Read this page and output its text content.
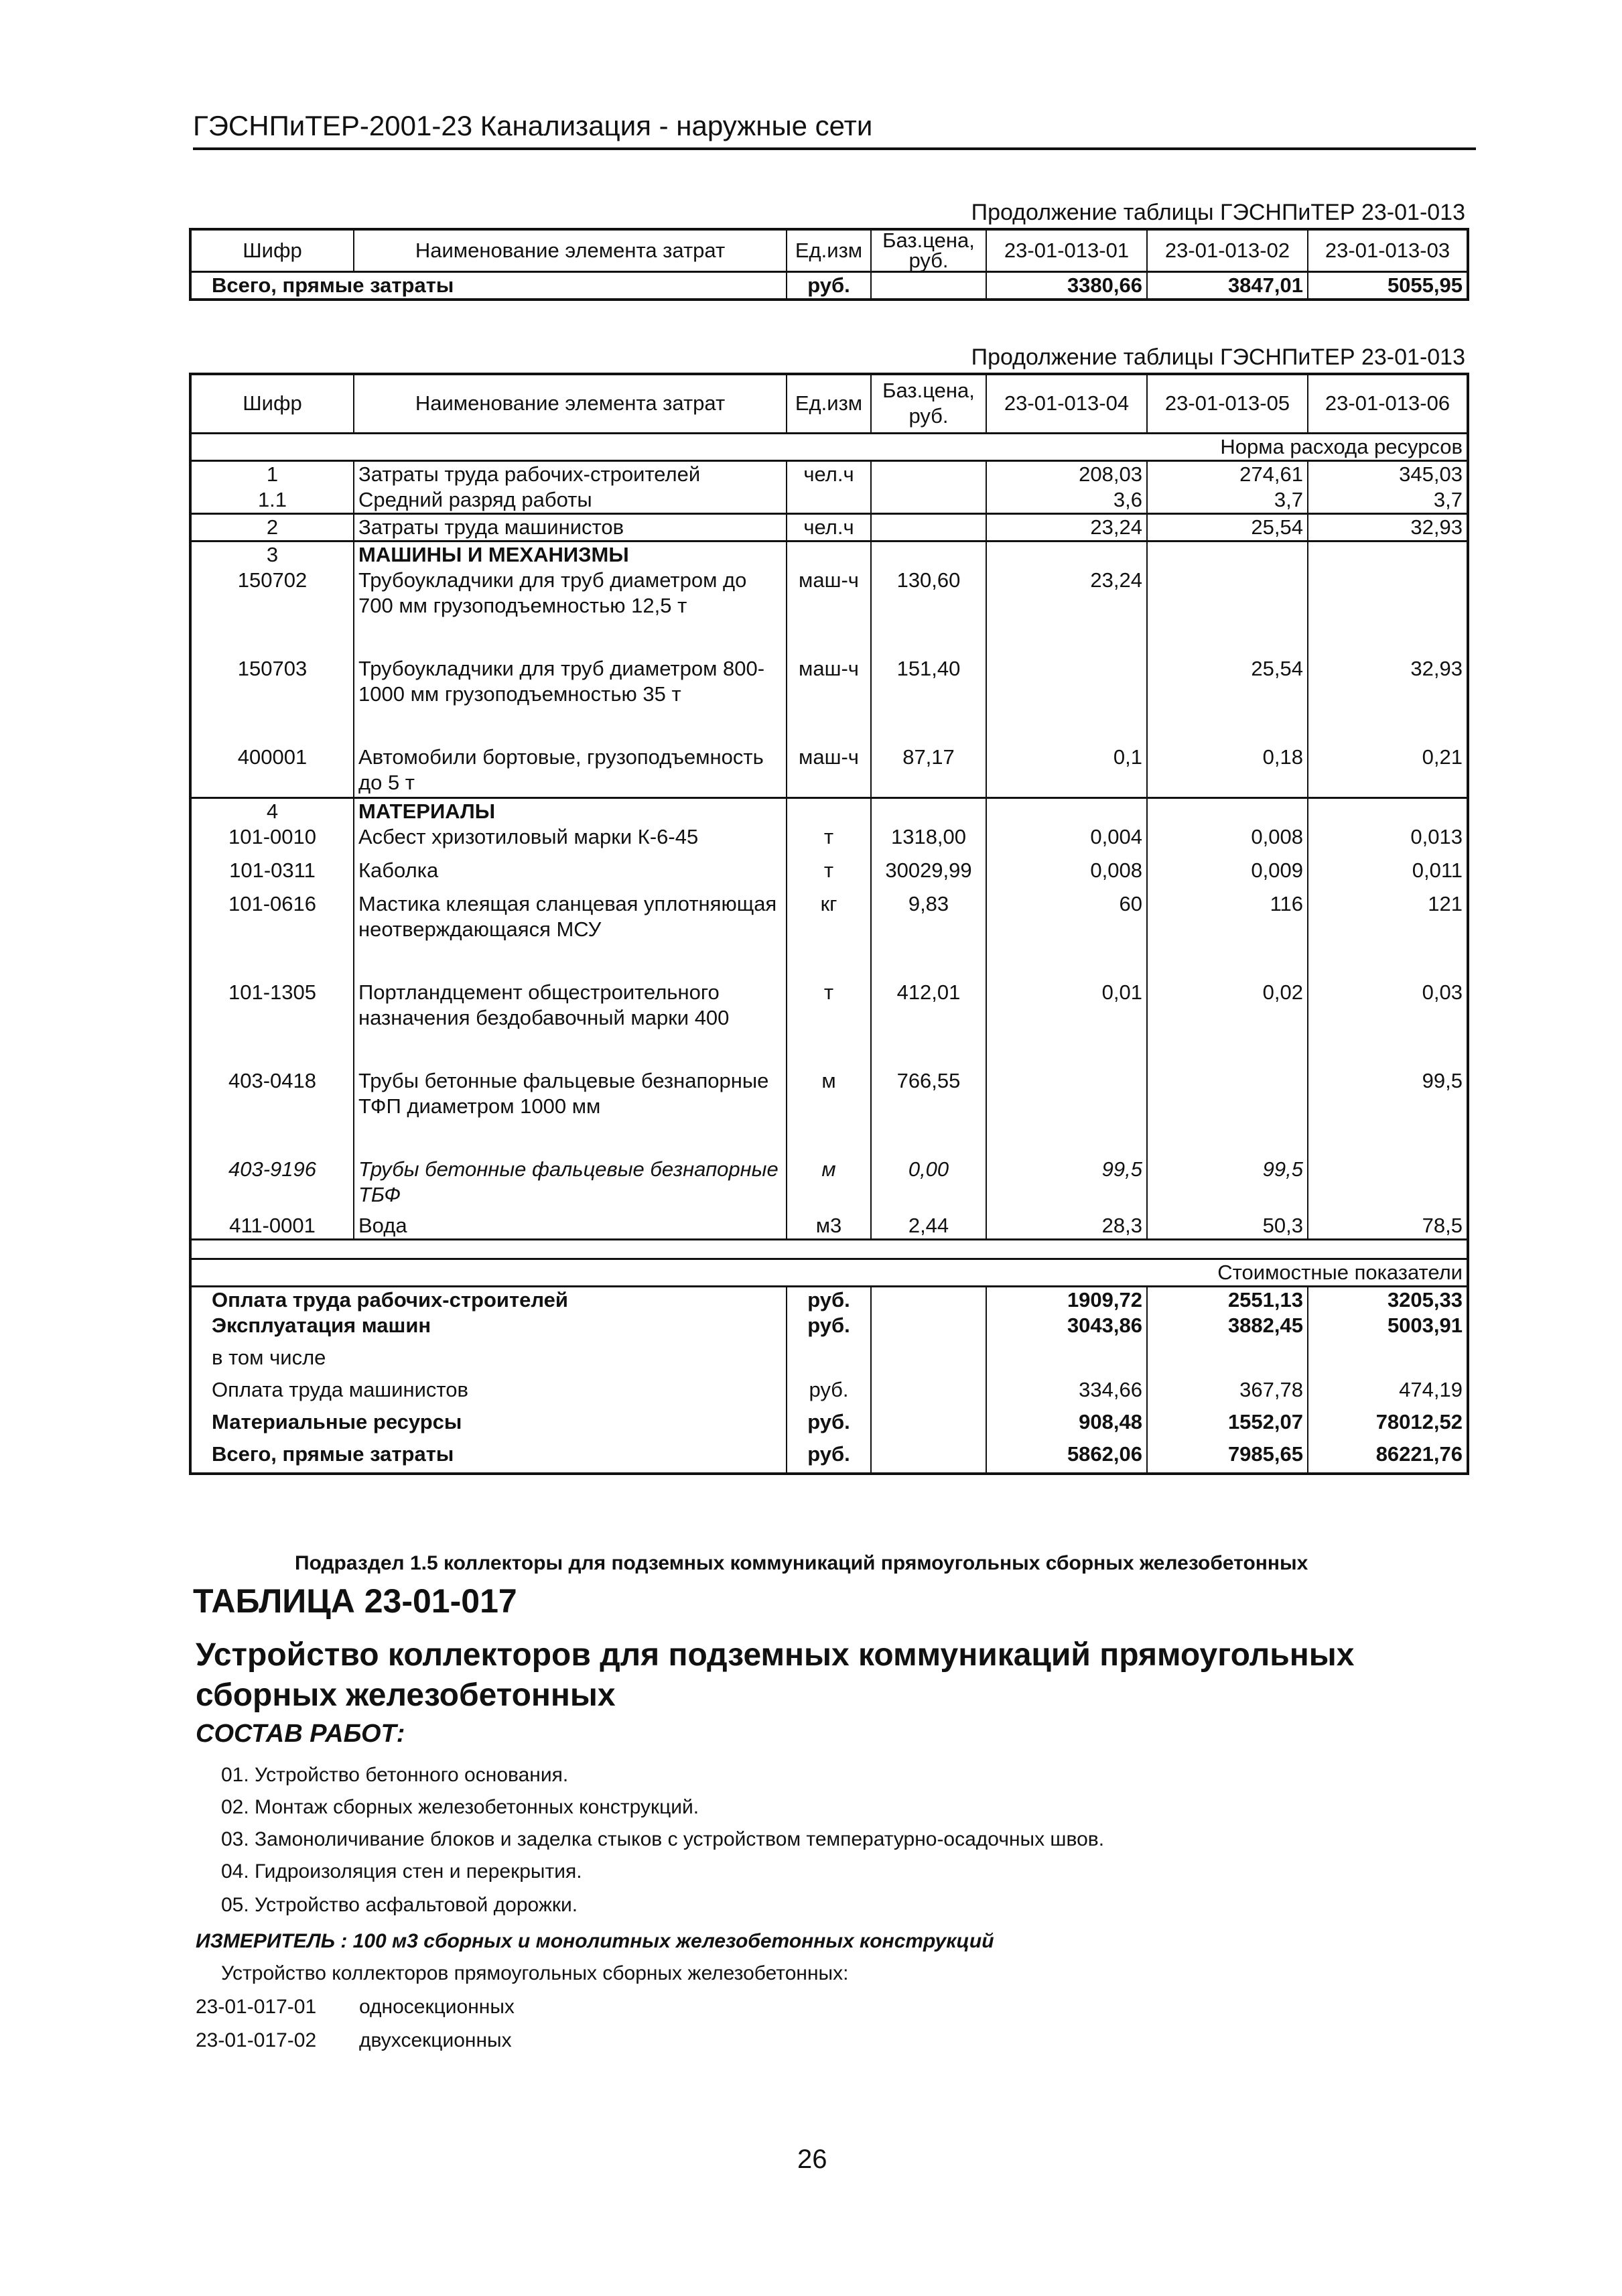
ГЭСНПиТЕР-2001-23 Канализация - наружные сети
Продолжение таблицы ГЭСНПиТЕР 23-01-013
Шифр	Наименование элемента затрат	Ед.изм	Баз.цена, руб.	23-01-013-01	23-01-013-02	23-01-013-03
Всего, прямые затраты		руб.		3380,66	3847,01	5055,95
Продолжение таблицы ГЭСНПиТЕР 23-01-013
Шифр	Наименование элемента затрат	Ед.изм	Баз.цена, руб.	23-01-013-04	23-01-013-05	23-01-013-06
Норма расхода ресурсов						
1	Затраты труда рабочих-строителей	чел.ч		208,03	274,61	345,03
1.1	Средний разряд работы			3,6	3,7	3,7
2	Затраты труда машинистов	чел.ч		23,24	25,54	32,93
3	МАШИНЫ И МЕХАНИЗМЫ					
150702	Трубоукладчики для труб диаметром до 700 мм грузоподъемностью 12,5 т	маш-ч	130,60	23,24		
150703	Трубоукладчики для труб диаметром 800-1000 мм грузоподъемностью 35 т	маш-ч	151,40		25,54	32,93
400001	Автомобили бортовые, грузоподъемность до 5 т	маш-ч	87,17	0,1	0,18	0,21
4	МАТЕРИАЛЫ					
101-0010	Асбест хризотиловый марки К-6-45	т	1318,00	0,004	0,008	0,013
101-0311	Каболка	т	30029,99	0,008	0,009	0,011
101-0616	Мастика клеящая сланцевая уплотняющая неотверждающаяся МСУ	кг	9,83	60	116	121
101-1305	Портландцемент общестроительного назначения бездобавочный марки 400	т	412,01	0,01	0,02	0,03
403-0418	Трубы бетонные фальцевые безнапорные ТФП диаметром 1000 мм	м	766,55			99,5
403-9196	Трубы бетонные фальцевые безнапорные ТБФ	м	0,00	99,5	99,5	
411-0001	Вода	м3	2,44	28,3	50,3	78,5

Стоимостные показатели						
Оплата труда рабочих-строителей		руб.		1909,72	2551,13	3205,33
Эксплуатация машин		руб.		3043,86	3882,45	5003,91
в том числе						
Оплата труда машинистов		руб.		334,66	367,78	474,19
Материальные ресурсы		руб.		908,48	1552,07	78012,52
Всего, прямые затраты		руб.		5862,06	7985,65	86221,76
Подраздел 1.5 коллекторы для подземных коммуникаций прямоугольных сборных железобетонных
ТАБЛИЦА 23-01-017
Устройство коллекторов для подземных коммуникаций прямоугольных сборных железобетонных
СОСТАВ РАБОТ:
01. Устройство бетонного основания.
02. Монтаж сборных железобетонных конструкций.
03. Замоноличивание блоков и заделка стыков с устройством температурно-осадочных швов.
04. Гидроизоляция стен и перекрытия.
05. Устройство асфальтовой дорожки.
ИЗМЕРИТЕЛЬ : 100 м3 сборных и монолитных железобетонных конструкций
Устройство коллекторов прямоугольных сборных железобетонных:
23-01-017-01 односекционных
23-01-017-02 двухсекционных
26
